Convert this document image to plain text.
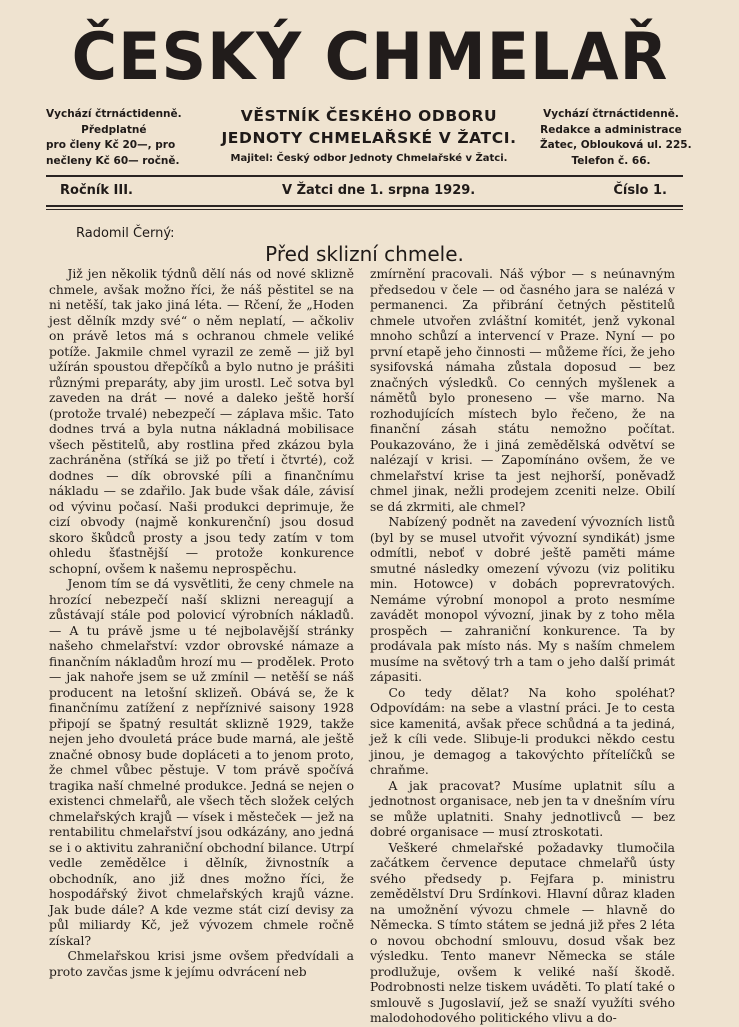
ČESKÝ CHMELAŘ
Vychází čtrnáctidenně.
Předplatné
pro členy Kč 20—, pro
nečleny Kč 60— ročně.
VĚSTNÍK ČESKÉHO ODBORU
JEDNOTY CHMELAŘSKÉ V ŽATCI.
Majitel: Český odbor Jednoty Chmelařské v Žatci.
Vychází čtrnáctidenně.
Redakce a administrace
Žatec, Oblouková ul. 225.
Telefon č. 66.
Ročník III.	V Žatci dne 1. srpna 1929.	Číslo 1.
Radomil Černý:
Před sklizní chmele.

Již jen několik týdnů dělí nás od nové sklizně chmele, avšak možno říci, že náš pěstitel se na ni netěší, tak jako jiná léta. — Rčení, že „Hoden jest dělník mzdy své“ o něm neplatí, — ačkoliv on právě letos má s ochranou chmele veliké potíže. Jakmile chmel vyrazil ze země — již byl užírán spoustou dřepčíků a bylo nutno je prášiti různými preparáty, aby jim urostl. Leč sotva byl zaveden na drát — nové a daleko ještě horší (protože trvalé) nebezpečí — záplava mšic. Tato dodnes trvá a byla nutna nákladná mobilisace všech pěstitelů, aby rostlina před zkázou byla zachráněna (stříká se již po třetí i čtvrté), což dodnes — dík obrovské píli a finančnímu nákladu — se zdařilo. Jak bude však dále, závisí od vývinu počasí. Naši produkci deprimuje, že cizí obvody (najmě konkurenční) jsou dosud skoro škůdců prosty a jsou tedy zatím v tom ohledu šťastnější — protože konkurence schopní, ovšem k našemu neprospěchu.

Jenom tím se dá vysvětliti, že ceny chmele na hrozící nebezpečí naší sklizni nereagují a zůstávají stále pod polovicí výrobních nákladů. — A tu právě jsme u té nejbolavější stránky našeho chmelařství: vzdor obrovské námaze a finančním nákladům hrozí mu — prodělek. Proto — jak nahoře jsem se už zmínil — netěší se náš producent na letošní sklizeň. Obává se, že k finančnímu zatížení z nepříznivé saisony 1928 připojí se špatný resultát sklizně 1929, takže nejen jeho dvouletá práce bude marná, ale ještě značné obnosy bude dopláceti a to jenom proto, že chmel vůbec pěstuje. V tom právě spočívá tragika naší chmelné produkce. Jedná se nejen o existenci chmelařů, ale všech těch složek celých chmelařských krajů — vísek i městeček — jež na rentabilitu chmelařství jsou odkázány, ano jedná se i o aktivitu zahraniční obchodní bilance. Utrpí vedle zemědělce i dělník, živnostník a obchodník, ano již dnes možno říci, že hospodářský život chmelařských krajů vázne. Jak bude dále? A kde vezme stát cizí devisy za půl miliardy Kč, jež vývozem chmele ročně získal?

Chmelařskou krisi jsme ovšem předvídali a proto zavčas jsme k jejímu odvrácení neb

zmírnění pracovali. Náš výbor — s neúnavným předsedou v čele — od časného jara se nalézá v permanenci. Za přibrání četných pěstitelů chmele utvořen zvláštní komitét, jenž vykonal mnoho schůzí a intervencí v Praze. Nyní — po první etapě jeho činnosti — můžeme říci, že jeho sysifovská námaha zůstala doposud — bez značných výsledků. Co cenných myšlenek a námětů bylo proneseno — vše marno. Na rozhodujících místech bylo řečeno, že na finanční zásah státu nemožno počítat. Poukazováno, že i jiná zemědělská odvětví se nalézají v krisi. — Zapomínáno ovšem, že ve chmelařství krise ta jest nejhorší, poněvadž chmel jinak, nežli prodejem zceniti nelze. Obilí se dá zkrmiti, ale chmel?

Nabízený podnět na zavedení vývozních listů (byl by se musel utvořit vývozní syndikát) jsme odmítli, neboť v dobré ještě paměti máme smutné následky omezení vývozu (viz politiku min. Hotowce) v dobách poprevratových. Nemáme výrobní monopol a proto nesmíme zavádět monopol vývozní, jinak by z toho měla prospěch — zahraniční konkurence. Ta by prodávala pak místo nás. My s naším chmelem musíme na světový trh a tam o jeho další primát zápasiti.

Co tedy dělat? Na koho spoléhat? Odpovídám: na sebe a vlastní práci. Je to cesta sice kamenitá, avšak přece schůdná a ta jediná, jež k cíli vede. Slibuje-li produkci někdo cestu jinou, je demagog a takovýchto přítelíčků se chraňme.

A jak pracovat? Musíme uplatnit sílu a jednotnost organisace, neb jen ta v dnešním víru se může uplatniti. Snahy jednotlivců — bez dobré organisace — musí ztroskotati.

Veškeré chmelařské požadavky tlumočila začátkem července deputace chmelařů ústy svého předsedy p. Fejfara p. ministru zemědělství Dru Srdínkovi. Hlavní důraz kladen na umožnění vývozu chmele — hlavně do Německa. S tímto státem se jedná již přes 2 léta o novou obchodní smlouvu, dosud však bez výsledku. Tento manevr Německa se stále prodlužuje, ovšem k veliké naší škodě. Podrobnosti nelze tiskem uváděti. To platí také o smlouvě s Jugoslavií, jež se snaží využíti svého malodohodového politického vlivu a do-
